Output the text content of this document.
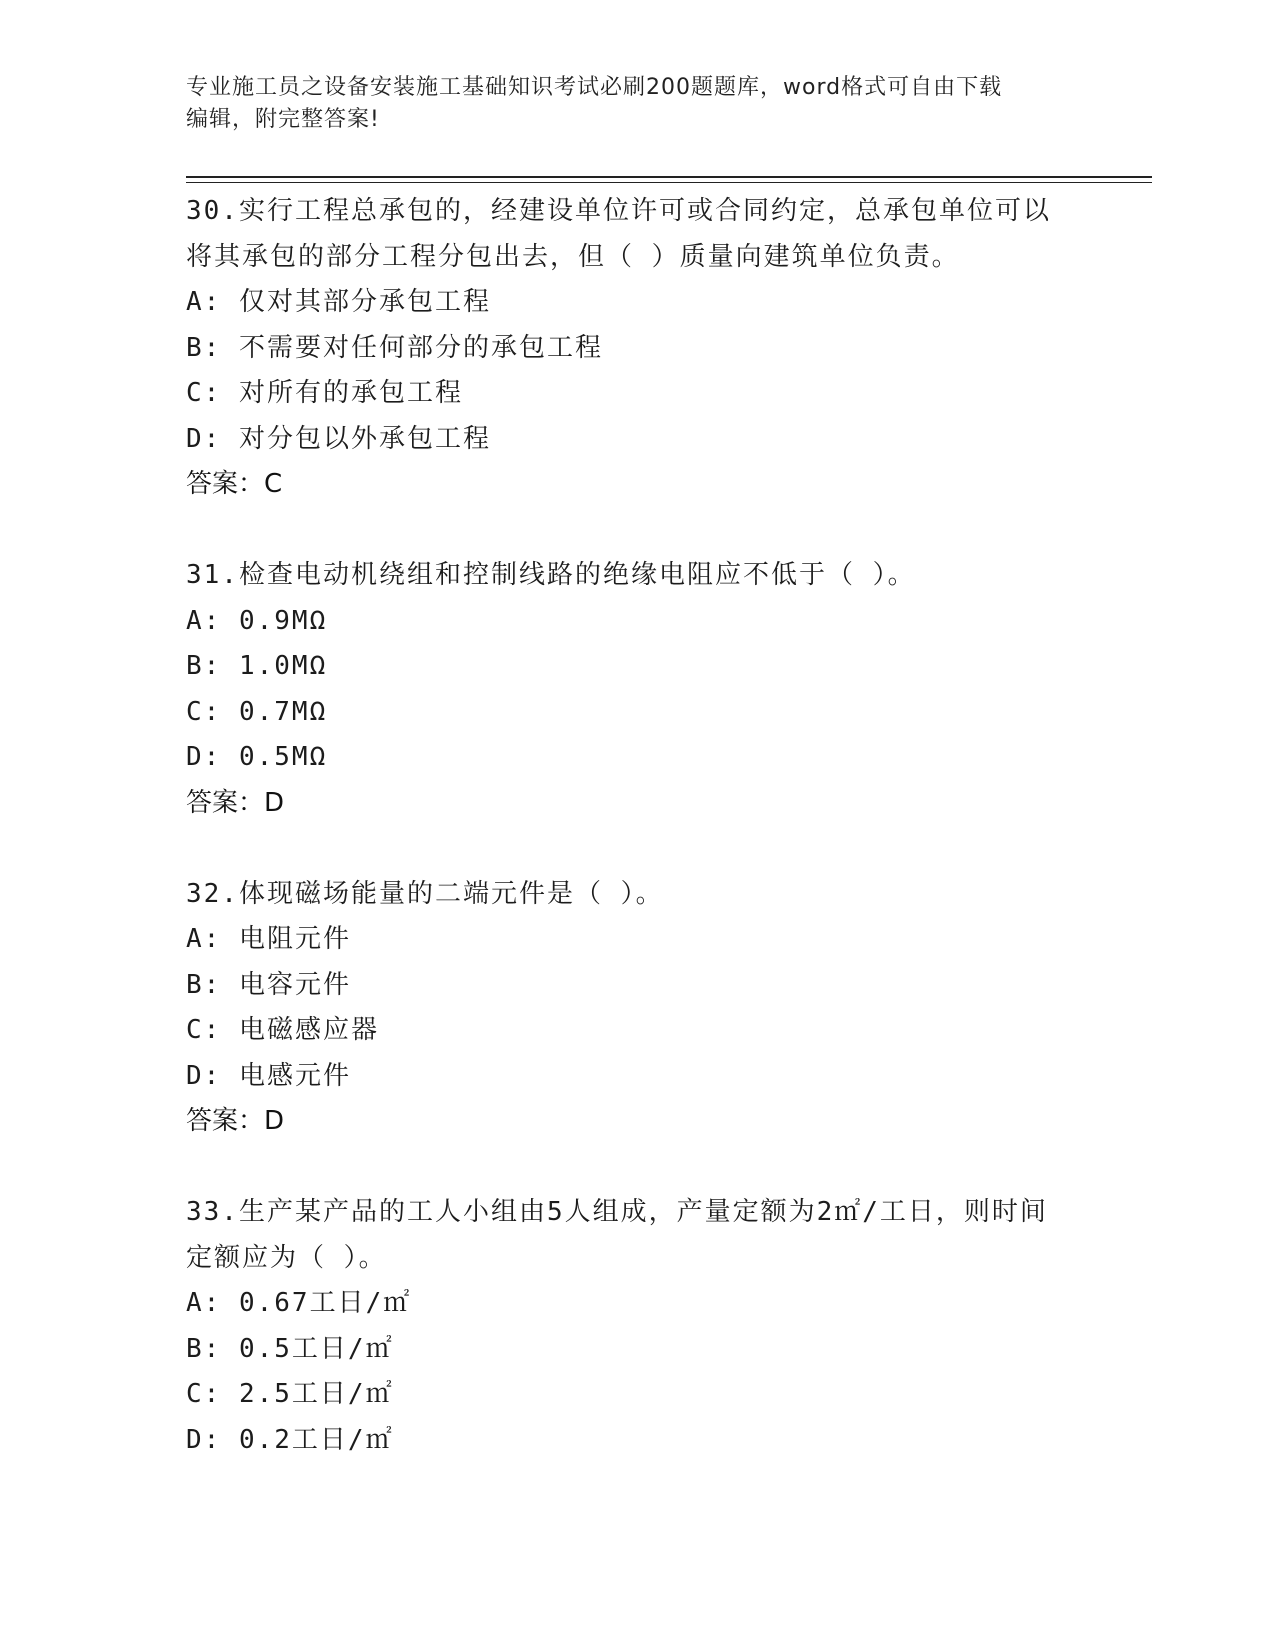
专业施工员之设备安装施工基础知识考试必刷200题题库，word格式可自由下载
编辑，附完整答案!
30.实行工程总承包的，经建设单位许可或合同约定，总承包单位可以
将其承包的部分工程分包出去，但（ ）质量向建筑单位负责。
A: 仅对其部分承包工程
B: 不需要对任何部分的承包工程
C: 对所有的承包工程
D: 对分包以外承包工程
答案：C
31.检查电动机绕组和控制线路的绝缘电阻应不低于（ ）。
A: 0.9MΩ
B: 1.0MΩ
C: 0.7MΩ
D: 0.5MΩ
答案：D
32.体现磁场能量的二端元件是（ ）。
A: 电阻元件
B: 电容元件
C: 电磁感应器
D: 电感元件
答案：D
33.生产某产品的工人小组由5人组成，产量定额为2㎡/工日，则时间
定额应为（ ）。
A: 0.67工日/㎡
B: 0.5工日/㎡
C: 2.5工日/㎡
D: 0.2工日/㎡
